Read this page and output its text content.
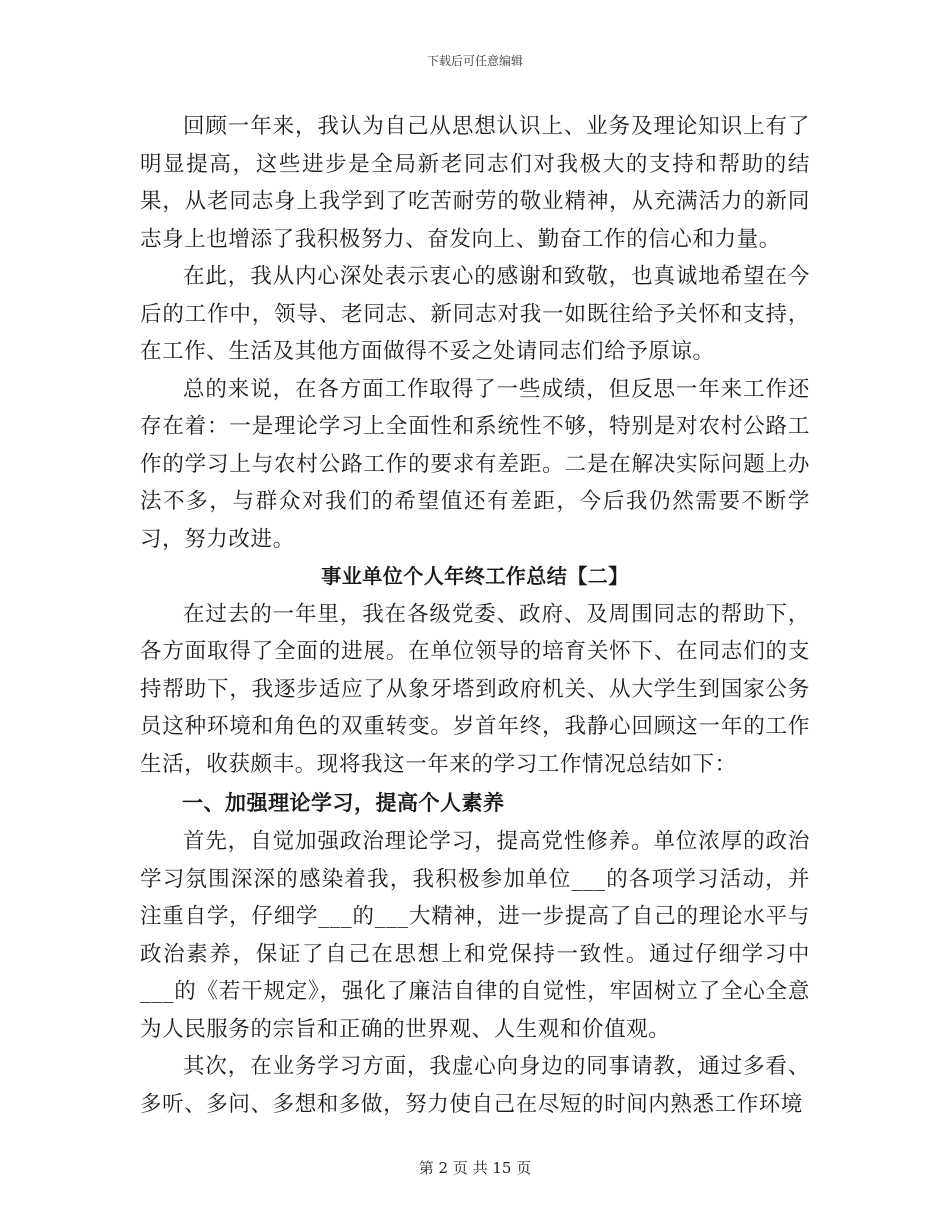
下载后可任意编辑

回顾一年来，我认为自己从思想认识上、业务及理论知识上有了明显提高，这些进步是全局新老同志们对我极大的支持和帮助的结果，从老同志身上我学到了吃苦耐劳的敬业精神，从充满活力的新同志身上也增添了我积极努力、奋发向上、勤奋工作的信心和力量。

在此，我从内心深处表示衷心的感谢和致敬，也真诚地希望在今后的工作中，领导、老同志、新同志对我一如既往给予关怀和支持，在工作、生活及其他方面做得不妥之处请同志们给予原谅。

总的来说，在各方面工作取得了一些成绩，但反思一年来工作还存在着：一是理论学习上全面性和系统性不够，特别是对农村公路工作的学习上与农村公路工作的要求有差距。二是在解决实际问题上办法不多，与群众对我们的希望值还有差距，今后我仍然需要不断学习，努力改进。

事业单位个人年终工作总结【二】

在过去的一年里，我在各级党委、政府、及周围同志的帮助下，各方面取得了全面的进展。在单位领导的培育关怀下、在同志们的支持帮助下，我逐步适应了从象牙塔到政府机关、从大学生到国家公务员这种环境和角色的双重转变。岁首年终，我静心回顾这一年的工作生活，收获颇丰。现将我这一年来的学习工作情况总结如下：

一、加强理论学习，提高个人素养

首先，自觉加强政治理论学习，提高党性修养。单位浓厚的政治学习氛围深深的感染着我，我积极参加单位___的各项学习活动，并注重自学，仔细学___的___大精神，进一步提高了自己的理论水平与政治素养，保证了自己在思想上和党保持一致性。通过仔细学习中___的《若干规定》，强化了廉洁自律的自觉性，牢固树立了全心全意为人民服务的宗旨和正确的世界观、人生观和价值观。

其次，在业务学习方面，我虚心向身边的同事请教，通过多看、多听、多问、多想和多做，努力使自己在尽短的时间内熟悉工作环境

第 2 页 共 15 页
